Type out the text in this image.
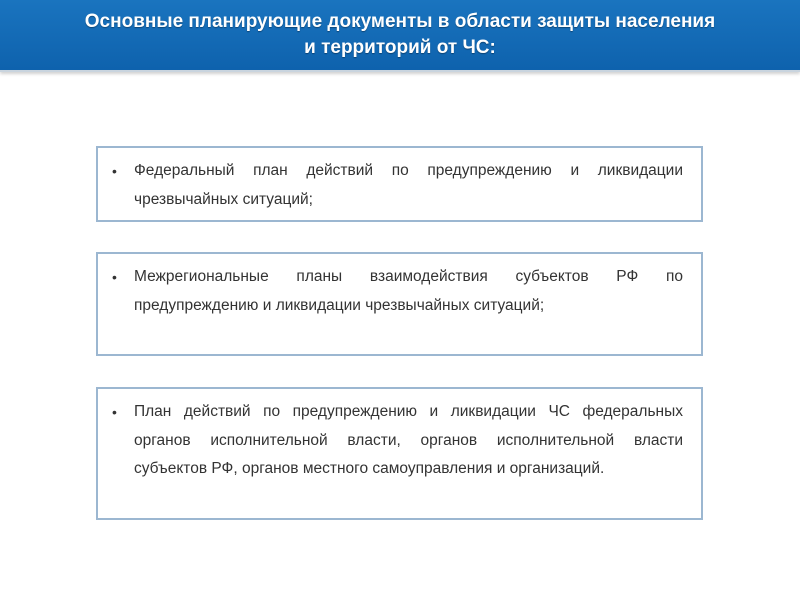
Основные планирующие документы в области защиты населения
и территорий от ЧС:
•	Федеральный план действий по предупреждению и ликвидации чрезвычайных ситуаций;
•	Межрегиональные планы взаимодействия субъектов РФ по предупреждению и ликвидации чрезвычайных ситуаций;
•	План действий по предупреждению и ликвидации ЧС федеральных органов исполнительной власти, органов исполнительной власти субъектов РФ, органов местного самоуправления и организаций.
